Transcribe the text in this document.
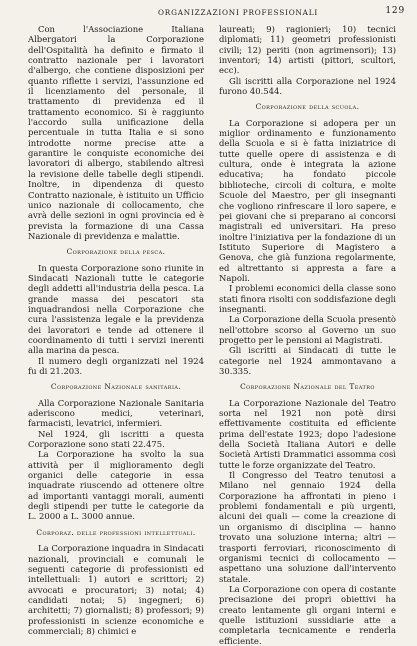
ORGANIZZAZIONI PROFESSIONALI	129

Con l'Associazione Italiana Albergatori la Corporazione dell'Ospitalità ha definito e firmato il contratto nazionale per i lavoratori d'albergo, che contiene disposizioni per quanto riflette i servizi, l'assunzione ed il licenziamento del personale, il trattamento di previdenza ed il trattamento economico. Si è raggiunto l'accordo sulla unificazione della percentuale in tutta Italia e si sono introdotte norme precise atte a garantire le conquiste economiche dei lavoratori di albergo, stabilendo altresì la revisione delle tabelle degli stipendi. Inoltre, in dipendenza di questo Contratto nazionale, è istituito un Ufficio unico nazionale di collocamento, che avrà delle sezioni in ogni provincia ed è prevista la formazione di una Cassa Nazionale di previdenza e malattie.

Corporazione della pesca.

In questa Corporazione sono riunite in Sindacati Nazionali tutte le categorie degli addetti all'industria della pesca. La grande massa dei pescatori sta inquadrandosi nella Corporazione che cura l'assistenza legale e la previdenza dei lavoratori e tende ad ottenere il coordinamento di tutti i servizi inerenti alla marina da pesca.

Il numero degli organizzati nel 1924 fu di 21.203.

Corporazione Nazionale sanitaria.

Alla Corporazione Nazionale Sanitaria aderiscono medici, veterinari, farmacisti, levatrici, infermieri.

Nel 1924, gli iscritti a questa Corporazione sono stati 22.475.

La Corporazione ha svolto la sua attività per il miglioramento degli organici delle categorie in essa inquadrate riuscendo ad ottenere oltre ad importanti vantaggi morali, aumenti degli stipendi per tutte le categorie da L. 2000 a L. 3000 annue.

Corporaz. delle professioni intellettuali.

La Corporazione inquadra in Sindacati nazionali, provinciali e comunali le seguenti categorie di professionisti ed intellettuali: 1) autori e scrittori; 2) avvocati e procuratori; 3) notai; 4) candidati notai; 5) ingegneri; 6) architetti; 7) giornalisti; 8) professori; 9) professionisti in scienze economiche e commerciali; 8) chimici e

laureati; 9) ragionieri; 10) tecnici diplomati; 11) geometri professionisti civili; 12) periti (non agrimensori); 13) inventori; 14) artisti (pittori, scultori, ecc).

Gli iscritti alla Corporazione nel 1924 furono 40.544.

Corporazione della scuola.

La Corporazione si adopera per un miglior ordinamento e funzionamento della Scuola e si è fatta iniziatrice di tutte quelle opere di assistenza e di cultura, onde è integrata la azione educativa; ha fondato piccole biblioteche, circoli di coltura, e molte Scuole del Maestro, per gli insegnanti che vogliono rinfrescare il loro sapere, e pei giovani che si preparano ai concorsi magistrali ed universitari. Ha preso inoltre l'iniziativa per la fondazione di un Istituto Superiore di Magistero a Genova, che già funziona regolarmente, ed altrettanto si appresta a fare a Napoli.

I problemi economici della classe sono stati finora risolti con soddisfazione degli insegnanti.

La Corporazione della Scuola presentò nell'ottobre scorso al Governo un suo progetto per le pensioni ai Magistrati.

Gli iscritti ai Sindacati di tutte le categorie nel 1924 ammontavano a 30.335.

Corporazione Nazionale del Teatro

La Corporazione Nazionale del Teatro sorta nel 1921 non potè dirsi effettivamente costituita ed efficiente prima dell'estate 1923; dopo l'adesione della Società Italiana Autori e delle Società Artisti Drammatici assomma così tutte le forze organizzate del Teatro.

Il Congresso del Teatro tenutosi a Milano nel gennaio 1924 della Corporazione ha affrontati in pieno i problemi fondamentali e più urgenti, alcuni dei quali — come la creazione di un organismo di disciplina — hanno trovato una soluzione interna; altri — trasporti ferroviari, riconoscimento di organismi tecnici di collocamento — aspettano una soluzione dall'intervento statale.

La Corporazione con opera di costante precisazione dei propri obiettivi ha creato lentamente gli organi interni e quelle istituzioni sussidiarie atte a completarla tecnicamente e renderla efficiente.
